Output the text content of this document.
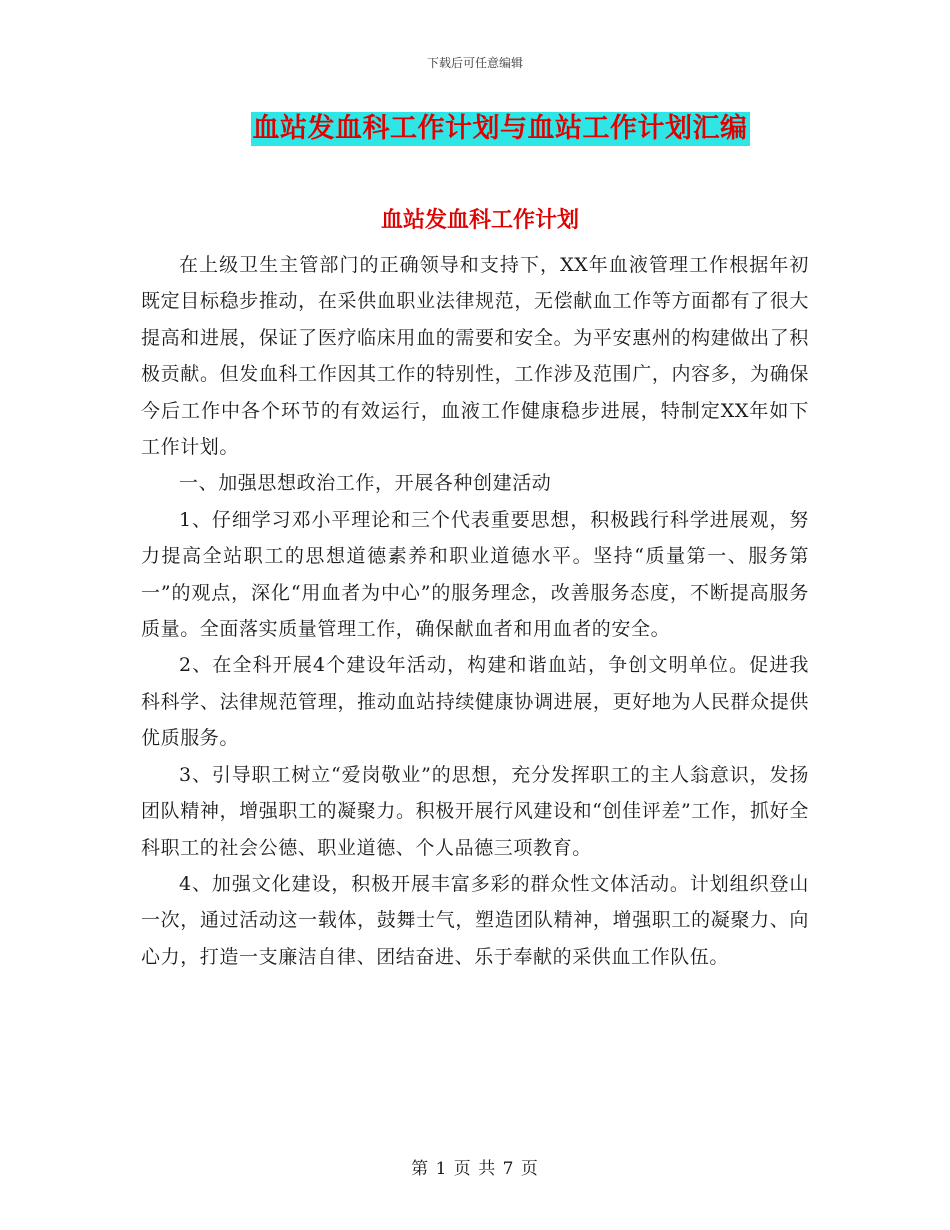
下载后可任意编辑
血站发血科工作计划与血站工作计划汇编
血站发血科工作计划

在上级卫生主管部门的正确领导和支持下，XX年血液管理工作根据年初既定目标稳步推动，在采供血职业法律规范，无偿献血工作等方面都有了很大提高和进展，保证了医疗临床用血的需要和安全。为平安惠州的构建做出了积极贡献。但发血科工作因其工作的特别性，工作涉及范围广，内容多，为确保今后工作中各个环节的有效运行，血液工作健康稳步进展，特制定XX年如下工作计划。

一、加强思想政治工作，开展各种创建活动

1、仔细学习邓小平理论和三个代表重要思想，积极践行科学进展观，努力提高全站职工的思想道德素养和职业道德水平。坚持“质量第一、服务第一”的观点，深化“用血者为中心”的服务理念，改善服务态度，不断提高服务质量。全面落实质量管理工作，确保献血者和用血者的安全。

2、在全科开展4个建设年活动，构建和谐血站，争创文明单位。促进我科科学、法律规范管理，推动血站持续健康协调进展，更好地为人民群众提供优质服务。

3、引导职工树立“爱岗敬业”的思想，充分发挥职工的主人翁意识，发扬团队精神，增强职工的凝聚力。积极开展行风建设和“创佳评差”工作，抓好全科职工的社会公德、职业道德、个人品德三项教育。

4、加强文化建设，积极开展丰富多彩的群众性文体活动。计划组织登山一次，通过活动这一载体，鼓舞士气，塑造团队精神，增强职工的凝聚力、向心力，打造一支廉洁自律、团结奋进、乐于奉献的采供血工作队伍。

第 1 页 共 7 页
